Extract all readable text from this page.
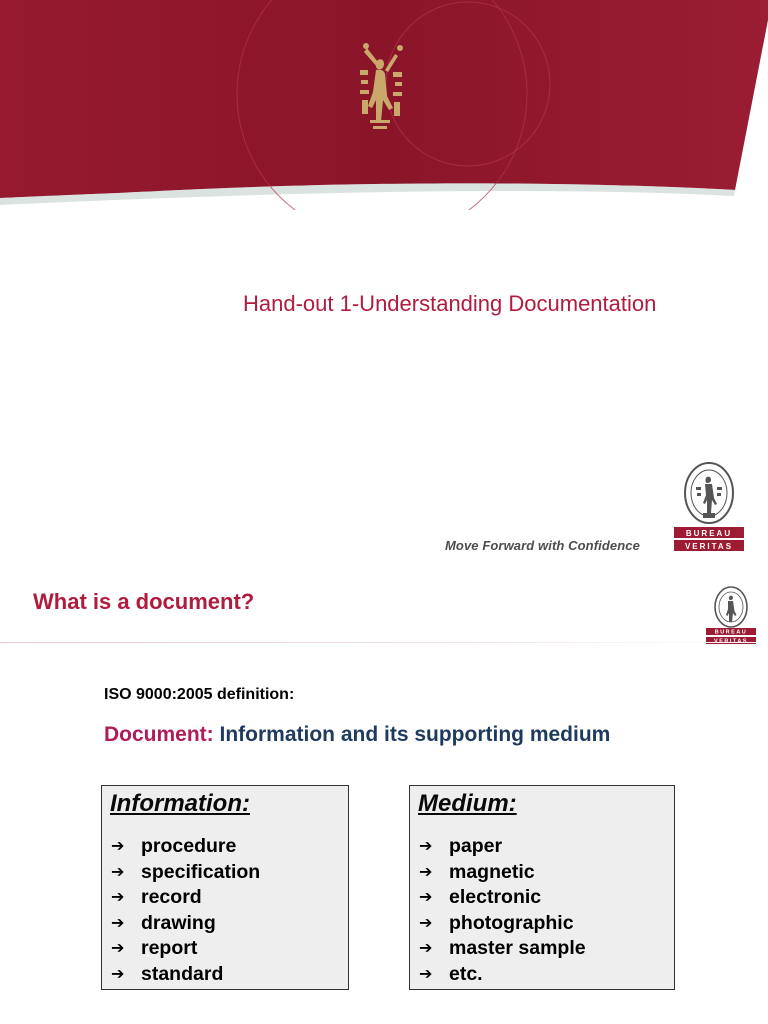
Hand-out 1-Understanding Documentation
Move Forward with Confidence
BUREAU
VERITAS
What is a document?
BUREAU
ISO 9000:2005 definition:
Document: Information and its supporting medium
Information:
➔ procedure
➔ specification
➔ record
➔ drawing
➔ report
➔ standard
Medium:
➔ paper
➔ magnetic
➔ electronic
➔ photographic
➔ master sample
➔ etc.
